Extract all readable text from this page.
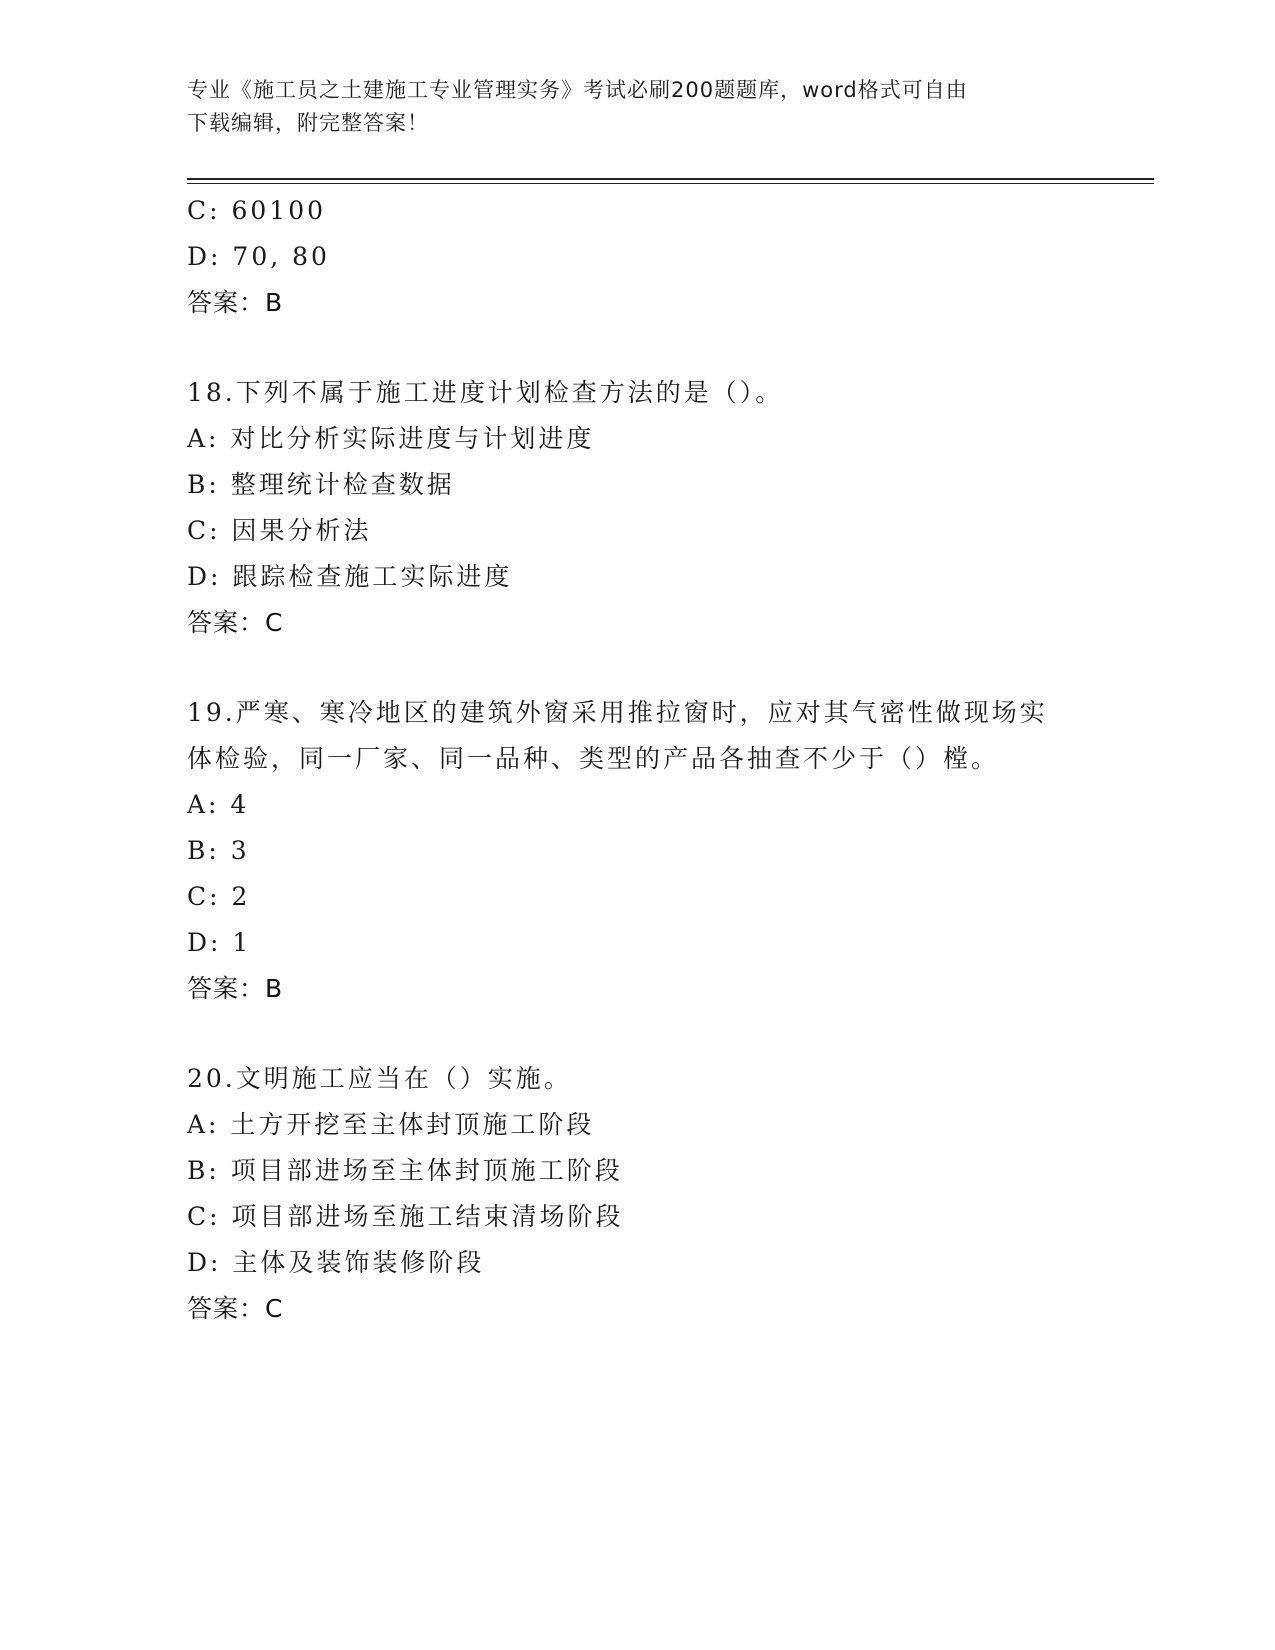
专业《施工员之土建施工专业管理实务》考试必刷200题题库，word格式可自由
下载编辑，附完整答案！
C: 60100
D: 70, 80
答案：B
18.下列不属于施工进度计划检查方法的是（）。
A: 对比分析实际进度与计划进度
B: 整理统计检查数据
C: 因果分析法
D: 跟踪检查施工实际进度
答案：C
19.严寒、寒冷地区的建筑外窗采用推拉窗时，应对其气密性做现场实
体检验，同一厂家、同一品种、类型的产品各抽查不少于（）樘。
A: 4
B: 3
C: 2
D: 1
答案：B
20.文明施工应当在（）实施。
A: 土方开挖至主体封顶施工阶段
B: 项目部进场至主体封顶施工阶段
C: 项目部进场至施工结束清场阶段
D: 主体及装饰装修阶段
答案：C
